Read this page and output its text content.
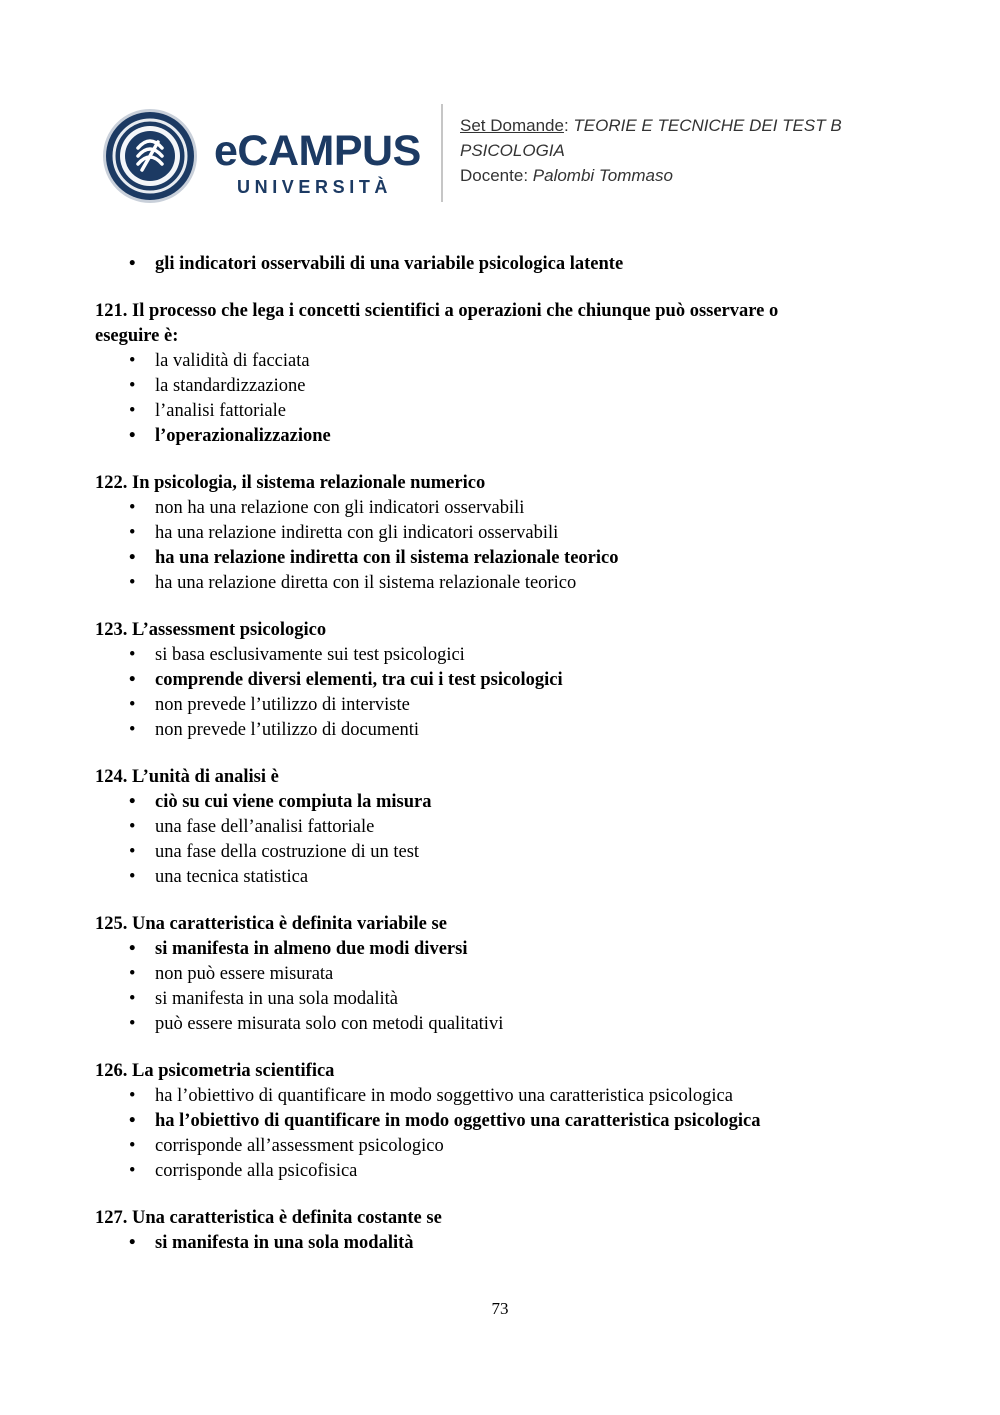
eCAMPUS
UNIVERSITÀ
Set Domande: TEORIE E TECNICHE DEI TEST B
PSICOLOGIA
Docente: Palombi Tommaso
• gli indicatori osservabili di una variabile psicologica latente
121. Il processo che lega i concetti scientifici a operazioni che chiunque può osservare o
eseguire è:
• la validità di facciata
• la standardizzazione
• l’analisi fattoriale
• l’operazionalizzazione
122. In psicologia, il sistema relazionale numerico
• non ha una relazione con gli indicatori osservabili
• ha una relazione indiretta con gli indicatori osservabili
• ha una relazione indiretta con il sistema relazionale teorico
• ha una relazione diretta con il sistema relazionale teorico
123. L’assessment psicologico
• si basa esclusivamente sui test psicologici
• comprende diversi elementi, tra cui i test psicologici
• non prevede l’utilizzo di interviste
• non prevede l’utilizzo di documenti
124. L’unità di analisi è
• ciò su cui viene compiuta la misura
• una fase dell’analisi fattoriale
• una fase della costruzione di un test
• una tecnica statistica
125. Una caratteristica è definita variabile se
• si manifesta in almeno due modi diversi
• non può essere misurata
• si manifesta in una sola modalità
• può essere misurata solo con metodi qualitativi
126. La psicometria scientifica
• ha l’obiettivo di quantificare in modo soggettivo una caratteristica psicologica
• ha l’obiettivo di quantificare in modo oggettivo una caratteristica psicologica
• corrisponde all’assessment psicologico
• corrisponde alla psicofisica
127. Una caratteristica è definita costante se
• si manifesta in una sola modalità
73
